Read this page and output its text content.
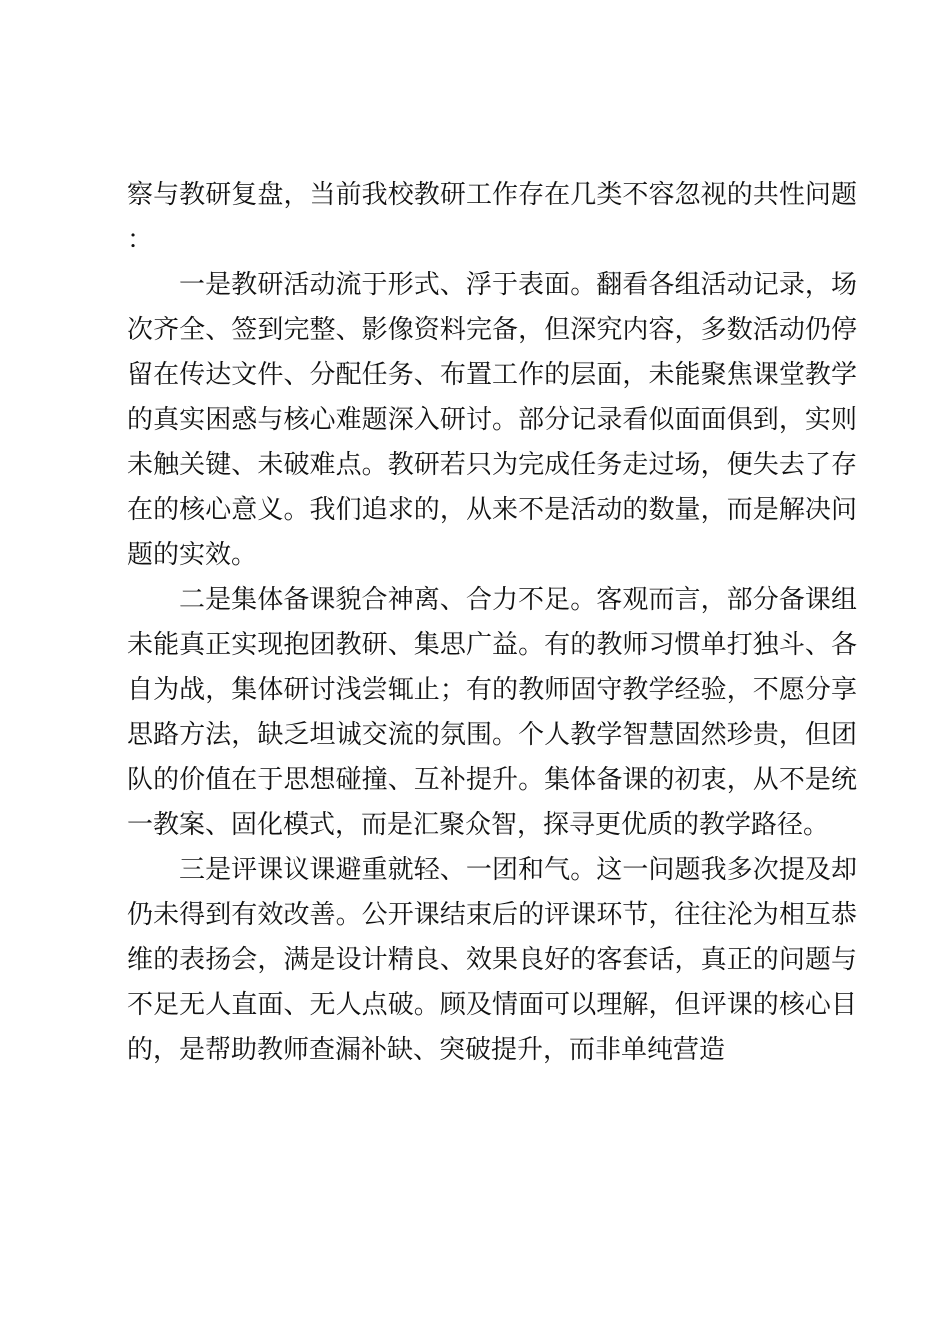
察与教研复盘，当前我校教研工作存在几类不容忽视的共性问题：

一是教研活动流于形式、浮于表面。翻看各组活动记录，场次齐全、签到完整、影像资料完备，但深究内容，多数活动仍停留在传达文件、分配任务、布置工作的层面，未能聚焦课堂教学的真实困惑与核心难题深入研讨。部分记录看似面面俱到，实则未触关键、未破难点。教研若只为完成任务走过场，便失去了存在的核心意义。我们追求的，从来不是活动的数量，而是解决问题的实效。

二是集体备课貌合神离、合力不足。客观而言，部分备课组未能真正实现抱团教研、集思广益。有的教师习惯单打独斗、各自为战，集体研讨浅尝辄止；有的教师固守教学经验，不愿分享思路方法，缺乏坦诚交流的氛围。个人教学智慧固然珍贵，但团队的价值在于思想碰撞、互补提升。集体备课的初衷，从不是统一教案、固化模式，而是汇聚众智，探寻更优质的教学路径。

三是评课议课避重就轻、一团和气。这一问题我多次提及却仍未得到有效改善。公开课结束后的评课环节，往往沦为相互恭维的表扬会，满是设计精良、效果良好的客套话，真正的问题与不足无人直面、无人点破。顾及情面可以理解，但评课的核心目的，是帮助教师查漏补缺、突破提升，而非单纯营造
